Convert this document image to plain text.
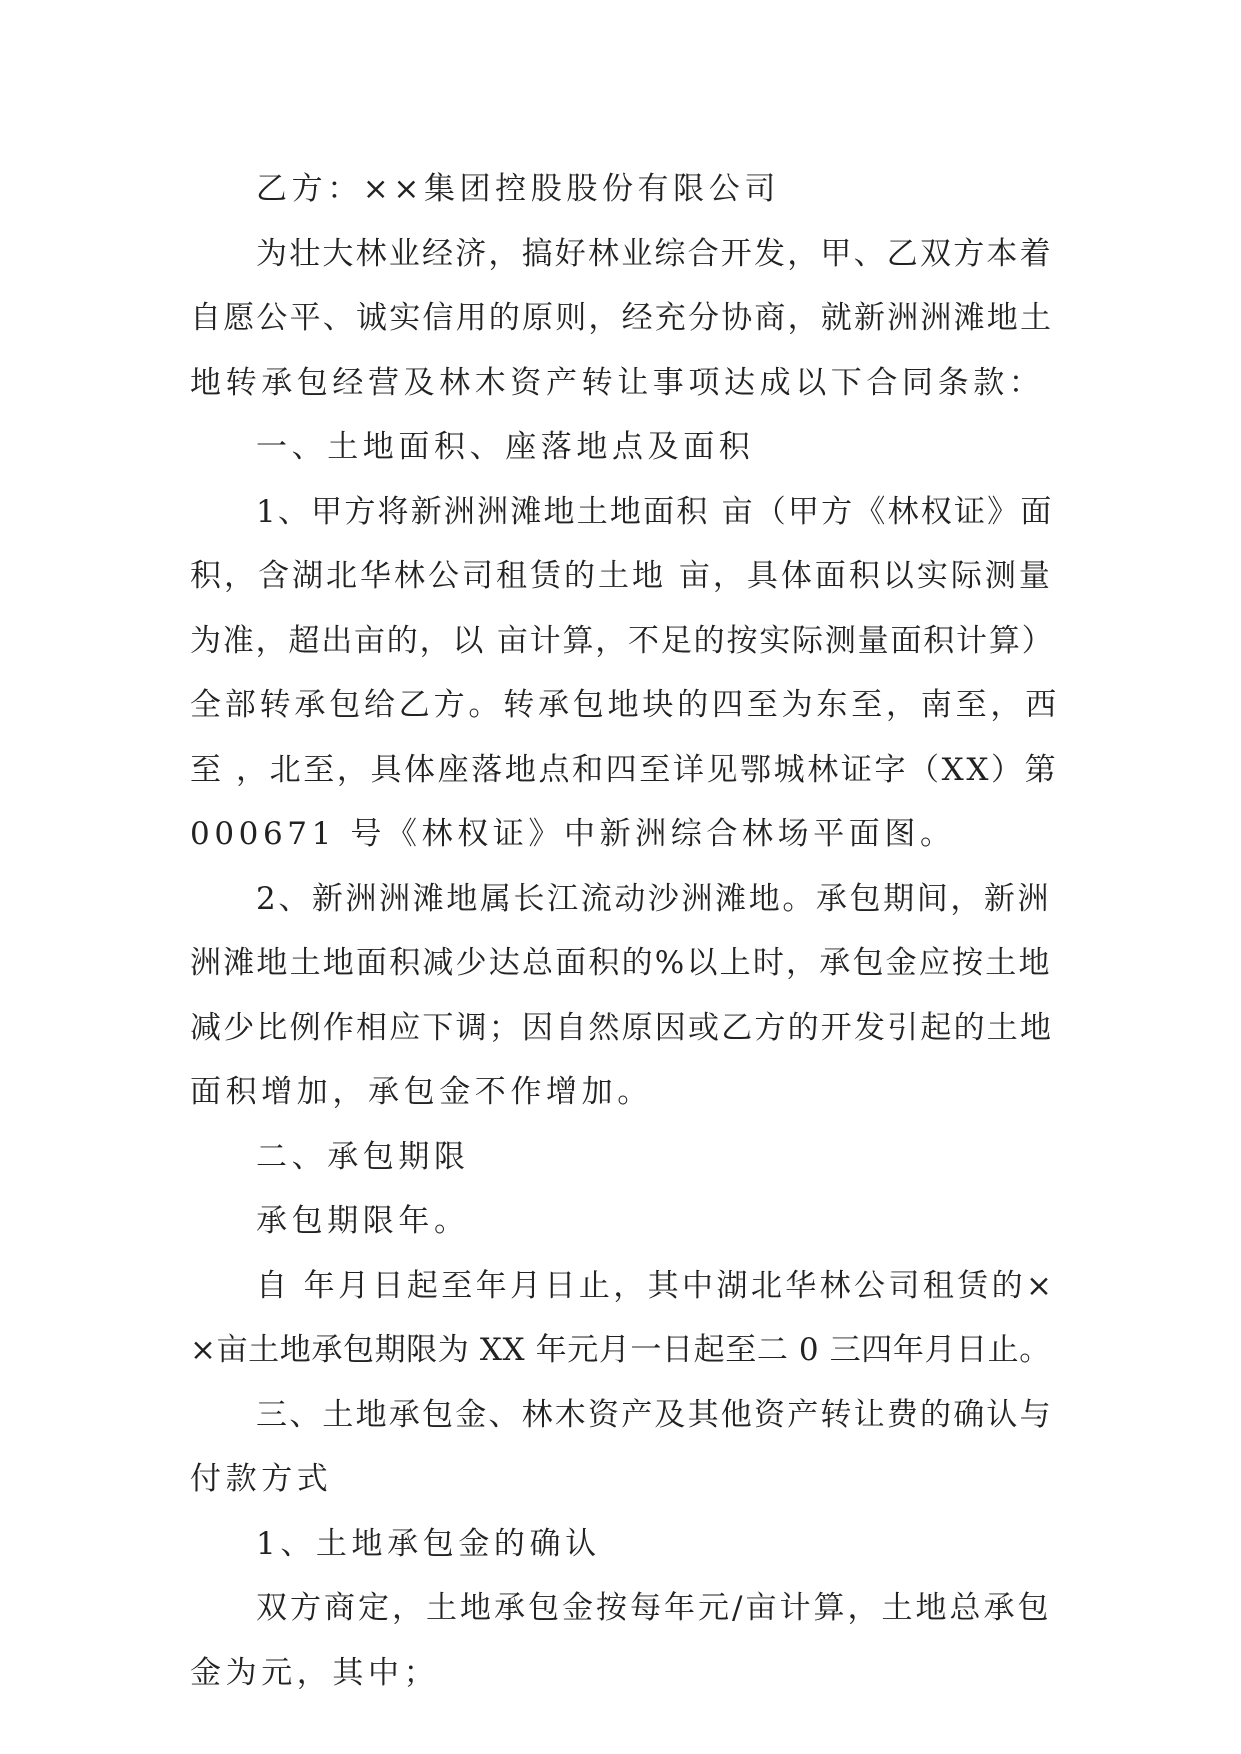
乙方：××集团控股股份有限公司
为壮大林业经济，搞好林业综合开发，甲、乙双方本着
自愿公平、诚实信用的原则，经充分协商，就新洲洲滩地土
地转承包经营及林木资产转让事项达成以下合同条款：
一、土地面积、座落地点及面积
1、甲方将新洲洲滩地土地面积 亩（甲方《林权证》面
积，含湖北华林公司租赁的土地 亩，具体面积以实际测量
为准，超出亩的，以 亩计算，不足的按实际测量面积计算）
全部转承包给乙方。转承包地块的四至为东至，南至，西
至 ，北至，具体座落地点和四至详见鄂城林证字（XX）第
000671 号《林权证》中新洲综合林场平面图。
2、新洲洲滩地属长江流动沙洲滩地。承包期间，新洲
洲滩地土地面积减少达总面积的%以上时，承包金应按土地
减少比例作相应下调；因自然原因或乙方的开发引起的土地
面积增加，承包金不作增加。
二、承包期限
承包期限年。
自 年月日起至年月日止，其中湖北华林公司租赁的×
×亩土地承包期限为 XX 年元月一日起至二 0 三四年月日止。
三、土地承包金、林木资产及其他资产转让费的确认与
付款方式
1、土地承包金的确认
双方商定，土地承包金按每年元/亩计算，土地总承包
金为元，其中；
